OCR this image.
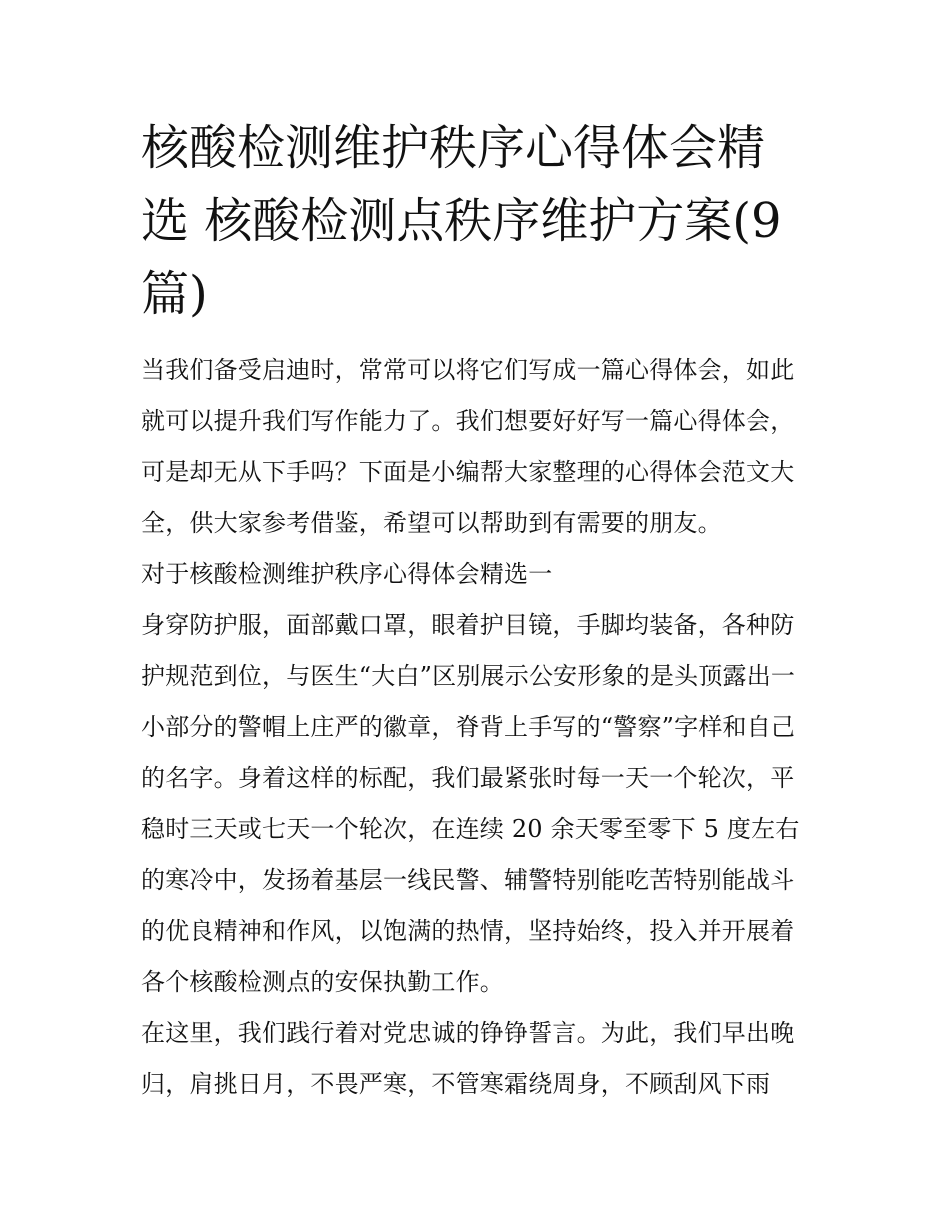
核酸检测维护秩序心得体会精
选 核酸检测点秩序维护方案(9
篇)

当我们备受启迪时，常常可以将它们写成一篇心得体会，如此
就可以提升我们写作能力了。我们想要好好写一篇心得体会，
可是却无从下手吗？下面是小编帮大家整理的心得体会范文大
全，供大家参考借鉴，希望可以帮助到有需要的朋友。

对于核酸检测维护秩序心得体会精选一

身穿防护服，面部戴口罩，眼着护目镜，手脚均装备，各种防
护规范到位，与医生“大白”区别展示公安形象的是头顶露出一
小部分的警帽上庄严的徽章，脊背上手写的“警察”字样和自己
的名字。身着这样的标配，我们最紧张时每一天一个轮次，平
稳时三天或七天一个轮次，在连续 20 余天零至零下 5 度左右
的寒冷中，发扬着基层一线民警、辅警特别能吃苦特别能战斗
的优良精神和作风，以饱满的热情，坚持始终，投入并开展着
各个核酸检测点的安保执勤工作。

在这里，我们践行着对党忠诚的铮铮誓言。为此，我们早出晚
归，肩挑日月，不畏严寒，不管寒霜绕周身，不顾刮风下雨
